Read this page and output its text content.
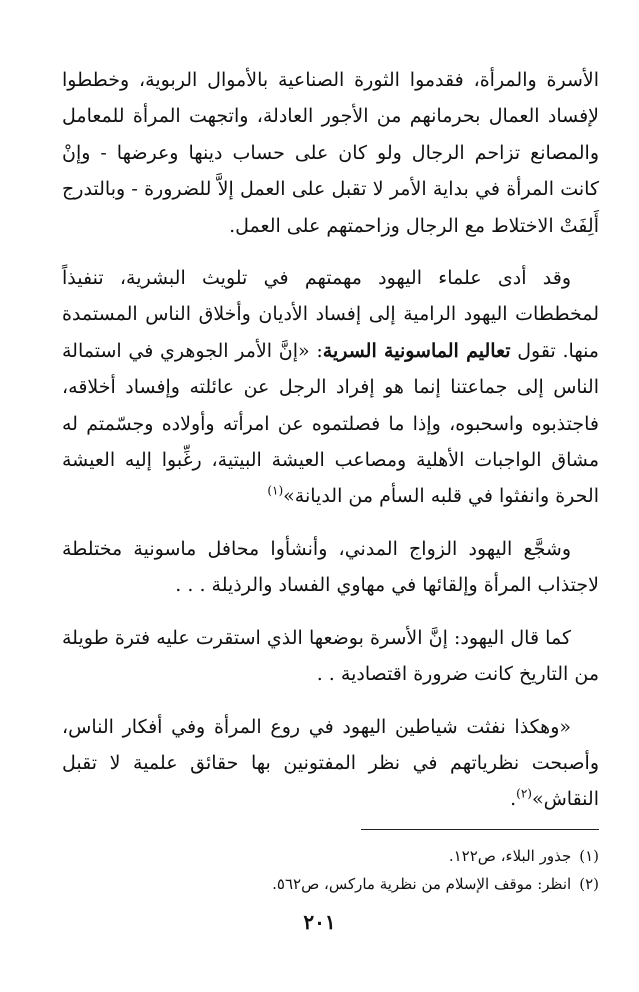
الأسرة والمرأة، فقدموا الثورة الصناعية بالأموال الربوية، وخططوا لإفساد العمال بحرمانهم من الأجور العادلة، واتجهت المرأة للمعامل والمصانع تزاحم الرجال ولو كان على حساب دينها وعرضها - وإنْ كانت المرأة في بداية الأمر لا تقبل على العمل إلاَّ للضرورة - وبالتدرج أَلِفَتْ الاختلاط مع الرجال وزاحمتهم على العمل.

وقد أدى علماء اليهود مهمتهم في تلويث البشرية، تنفيذاً لمخططات اليهود الرامية إلى إفساد الأديان وأخلاق الناس المستمدة منها. تقول تعاليم الماسونية السرية: «إنَّ الأمر الجوهري في استمالة الناس إلى جماعتنا إنما هو إفراد الرجل عن عائلته وإفساد أخلاقه، فاجتذبوه واسحبوه، وإذا ما فصلتموه عن امرأته وأولاده وجسّمتم له مشاق الواجبات الأهلية ومصاعب العيشة البيتية، رغِّبوا إليه العيشة الحرة وانفثوا في قلبه السأم من الديانة»$^{(١)}$

وشجَّع اليهود الزواج المدني، وأنشأوا محافل ماسونية مختلطة لاجتذاب المرأة وإلقائها في مهاوي الفساد والرذيلة . . .

كما قال اليهود: إنَّ الأسرة بوضعها الذي استقرت عليه فترة طويلة من التاريخ كانت ضرورة اقتصادية . .

«وهكذا نفثت شياطين اليهود في روع المرأة وفي أفكار الناس، وأصبحت نظرياتهم في نظر المفتونين بها حقائق علمية لا تقبل النقاش»$^{(٢)}$.

(١)جذور البلاء، ص١٢٢.
(٢)انظر: موقف الإسلام من نظرية ماركس، ص٥٦٢.
٢٠١
